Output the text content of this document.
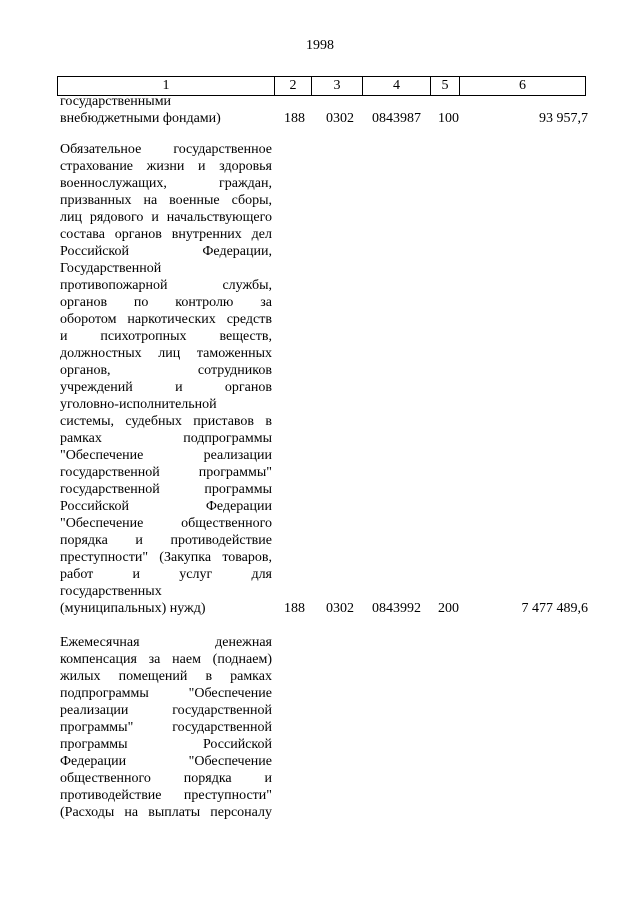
1998
1	2	3	4	5	6
государственными
внебюджетными фондами)	188 0302 0843987 100	93 957,7
Обязательное государственное
страхование жизни и здоровья
военнослужащих, граждан,
призванных на военные сборы,
лиц рядового и начальствующего
состава органов внутренних дел
Российской Федерации,
Государственной
противопожарной службы,
органов по контролю за
оборотом наркотических средств
и психотропных веществ,
должностных лиц таможенных
органов, сотрудников
учреждений и органов
уголовно-исполнительной
системы, судебных приставов в
рамках подпрограммы
"Обеспечение реализации
государственной программы"
государственной программы
Российской Федерации
"Обеспечение общественного
порядка и противодействие
преступности" (Закупка товаров,
работ и услуг для
государственных
(муниципальных) нужд)	188 0302 0843992 200	7 477 489,6
Ежемесячная денежная
компенсация за наем (поднаем)
жилых помещений в рамках
подпрограммы "Обеспечение
реализации государственной
программы" государственной
программы Российской
Федерации "Обеспечение
общественного порядка и
противодействие преступности"
(Расходы на выплаты персоналу
